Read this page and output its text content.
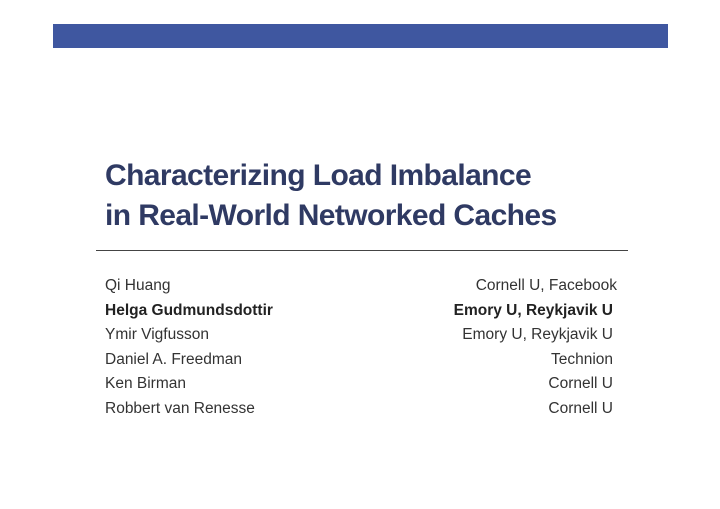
Characterizing Load Imbalance
in Real-World Networked Caches
Qi Huang	Cornell U, Facebook
Helga Gudmundsdottir	Emory U, Reykjavik U
Ymir Vigfusson	Emory U, Reykjavik U
Daniel A. Freedman	Technion
Ken Birman	Cornell U
Robbert van Renesse	Cornell U
